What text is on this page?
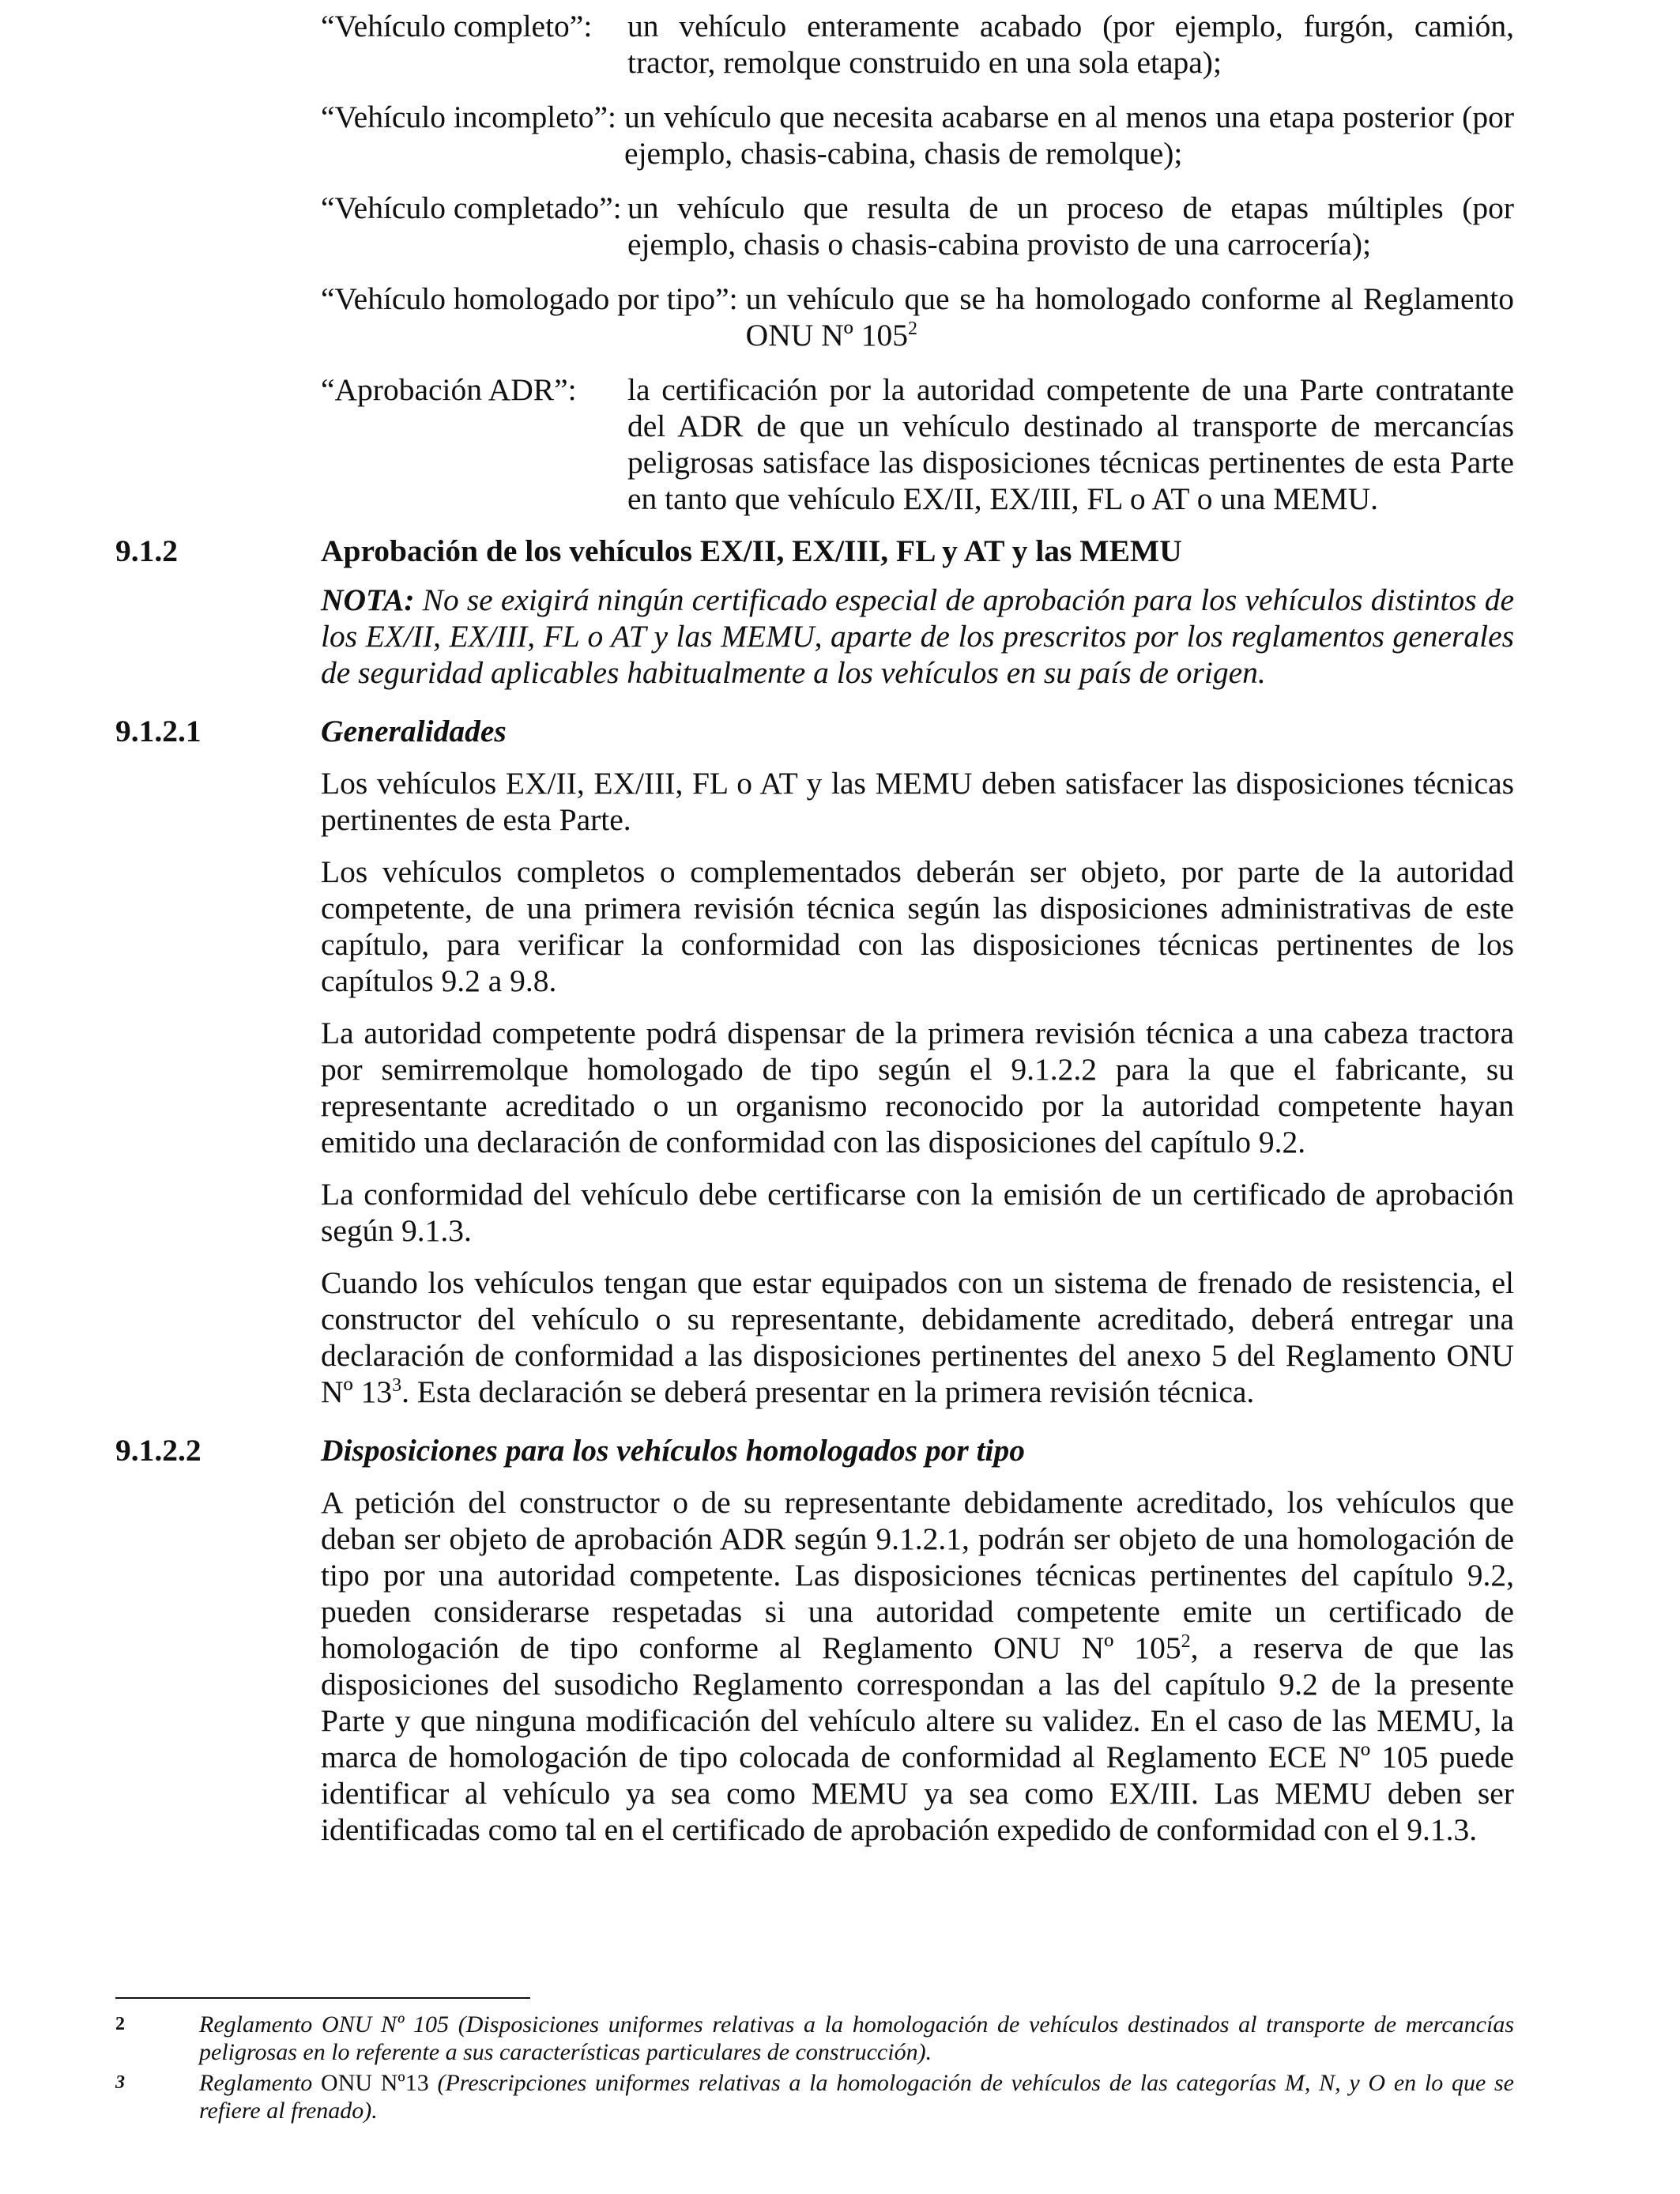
“Vehículo completo”:	un vehículo enteramente acabado (por ejemplo, furgón, camión, tractor, remolque construido en una sola etapa);
“Vehículo incompleto”: un vehículo que necesita acabarse en al menos una etapa posterior (por ejemplo, chasis-cabina, chasis de remolque);
“Vehículo completado”: un vehículo que resulta de un proceso de etapas múltiples (por ejemplo, chasis o chasis-cabina provisto de una carrocería);
“Vehículo homologado por tipo”: un vehículo que se ha homologado conforme al Reglamento ONU Nº $105^2$
“Aprobación ADR”:	la certificación por la autoridad competente de una Parte contratante del ADR de que un vehículo destinado al transporte de mercancías peligrosas satisface las disposiciones técnicas pertinentes de esta Parte en tanto que vehículo EX/II, EX/III, FL o AT o una MEMU.
9.1.2	Aprobación de los vehículos EX/II, EX/III, FL y AT y las MEMU
NOTA: No se exigirá ningún certificado especial de aprobación para los vehículos distintos de los EX/II, EX/III, FL o AT y las MEMU, aparte de los prescritos por los reglamentos generales de seguridad aplicables habitualmente a los vehículos en su país de origen.
9.1.2.1	Generalidades
Los vehículos EX/II, EX/III, FL o AT y las MEMU deben satisfacer las disposiciones técnicas pertinentes de esta Parte.
Los vehículos completos o complementados deberán ser objeto, por parte de la autoridad competente, de una primera revisión técnica según las disposiciones administrativas de este capítulo, para verificar la conformidad con las disposiciones técnicas pertinentes de los capítulos 9.2 a 9.8.
La autoridad competente podrá dispensar de la primera revisión técnica a una cabeza tractora por semirremolque homologado de tipo según el 9.1.2.2 para la que el fabricante, su representante acreditado o un organismo reconocido por la autoridad competente hayan emitido una declaración de conformidad con las disposiciones del capítulo 9.2.
La conformidad del vehículo debe certificarse con la emisión de un certificado de aprobación según 9.1.3.
Cuando los vehículos tengan que estar equipados con un sistema de frenado de resistencia, el constructor del vehículo o su representante, debidamente acreditado, deberá entregar una declaración de conformidad a las disposiciones pertinentes del anexo 5 del Reglamento ONU Nº $13^3$. Esta declaración se deberá presentar en la primera revisión técnica.
9.1.2.2	Disposiciones para los vehículos homologados por tipo
A petición del constructor o de su representante debidamente acreditado, los vehículos que deban ser objeto de aprobación ADR según 9.1.2.1, podrán ser objeto de una homologación de tipo por una autoridad competente. Las disposiciones técnicas pertinentes del capítulo 9.2, pueden considerarse respetadas si una autoridad competente emite un certificado de homologación de tipo conforme al Reglamento ONU Nº $105^2$, a reserva de que las disposiciones del susodicho Reglamento correspondan a las del capítulo 9.2 de la presente Parte y que ninguna modificación del vehículo altere su validez. En el caso de las MEMU, la marca de homologación de tipo colocada de conformidad al Reglamento ECE Nº 105 puede identificar al vehículo ya sea como MEMU ya sea como EX/III. Las MEMU deben ser identificadas como tal en el certificado de aprobación expedido de conformidad con el 9.1.3.
2	Reglamento ONU Nº 105 (Disposiciones uniformes relativas a la homologación de vehículos destinados al transporte de mercancías peligrosas en lo referente a sus características particulares de construcción).
3	Reglamento ONU Nº13 (Prescripciones uniformes relativas a la homologación de vehículos de las categorías M, N, y O en lo que se refiere al frenado).
